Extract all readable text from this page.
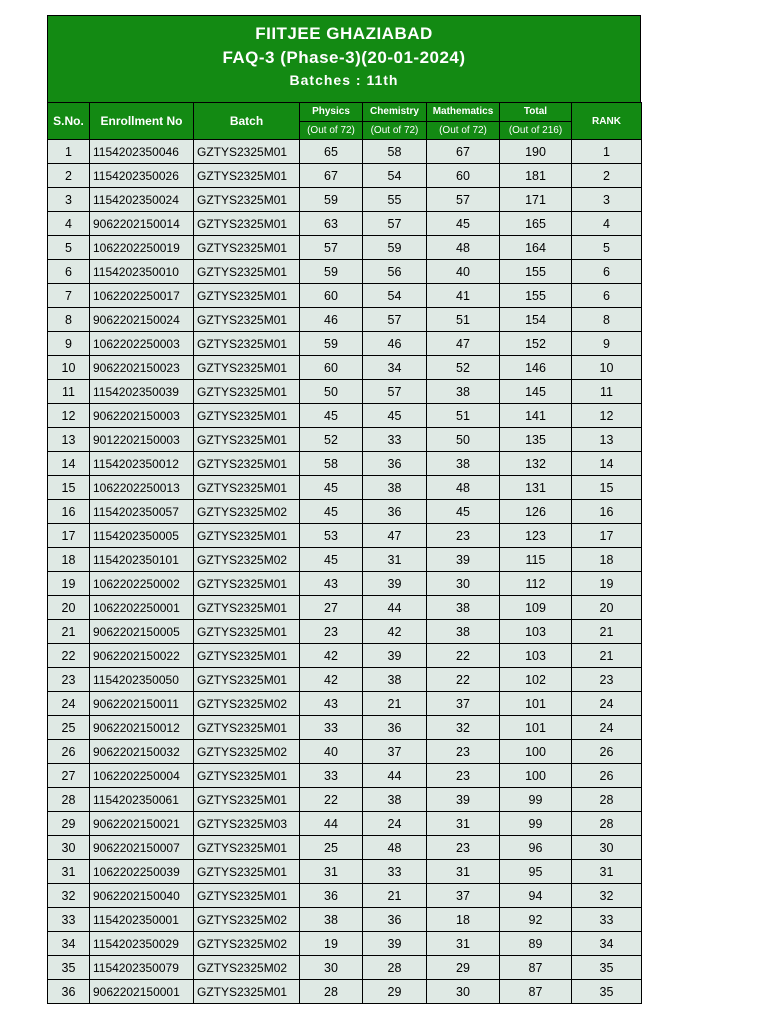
FIITJEE GHAZIABAD
FAQ-3 (Phase-3)(20-01-2024)
Batches : 11th
S.No.	Enrollment No	Batch	Physics	Chemistry	Mathematics	Total	RANK
			(Out of 72)	(Out of 72)	(Out of 72)	(Out of 216)	
1	1154202350046	GZTYS2325M01	65	58	67	190	1
2	1154202350026	GZTYS2325M01	67	54	60	181	2
3	1154202350024	GZTYS2325M01	59	55	57	171	3
4	9062202150014	GZTYS2325M01	63	57	45	165	4
5	1062202250019	GZTYS2325M01	57	59	48	164	5
6	1154202350010	GZTYS2325M01	59	56	40	155	6
7	1062202250017	GZTYS2325M01	60	54	41	155	6
8	9062202150024	GZTYS2325M01	46	57	51	154	8
9	1062202250003	GZTYS2325M01	59	46	47	152	9
10	9062202150023	GZTYS2325M01	60	34	52	146	10
11	1154202350039	GZTYS2325M01	50	57	38	145	11
12	9062202150003	GZTYS2325M01	45	45	51	141	12
13	9012202150003	GZTYS2325M01	52	33	50	135	13
14	1154202350012	GZTYS2325M01	58	36	38	132	14
15	1062202250013	GZTYS2325M01	45	38	48	131	15
16	1154202350057	GZTYS2325M02	45	36	45	126	16
17	1154202350005	GZTYS2325M01	53	47	23	123	17
18	1154202350101	GZTYS2325M02	45	31	39	115	18
19	1062202250002	GZTYS2325M01	43	39	30	112	19
20	1062202250001	GZTYS2325M01	27	44	38	109	20
21	9062202150005	GZTYS2325M01	23	42	38	103	21
22	9062202150022	GZTYS2325M01	42	39	22	103	21
23	1154202350050	GZTYS2325M01	42	38	22	102	23
24	9062202150011	GZTYS2325M02	43	21	37	101	24
25	9062202150012	GZTYS2325M01	33	36	32	101	24
26	9062202150032	GZTYS2325M02	40	37	23	100	26
27	1062202250004	GZTYS2325M01	33	44	23	100	26
28	1154202350061	GZTYS2325M01	22	38	39	99	28
29	9062202150021	GZTYS2325M03	44	24	31	99	28
30	9062202150007	GZTYS2325M01	25	48	23	96	30
31	1062202250039	GZTYS2325M01	31	33	31	95	31
32	9062202150040	GZTYS2325M01	36	21	37	94	32
33	1154202350001	GZTYS2325M02	38	36	18	92	33
34	1154202350029	GZTYS2325M02	19	39	31	89	34
35	1154202350079	GZTYS2325M02	30	28	29	87	35
36	9062202150001	GZTYS2325M01	28	29	30	87	35
